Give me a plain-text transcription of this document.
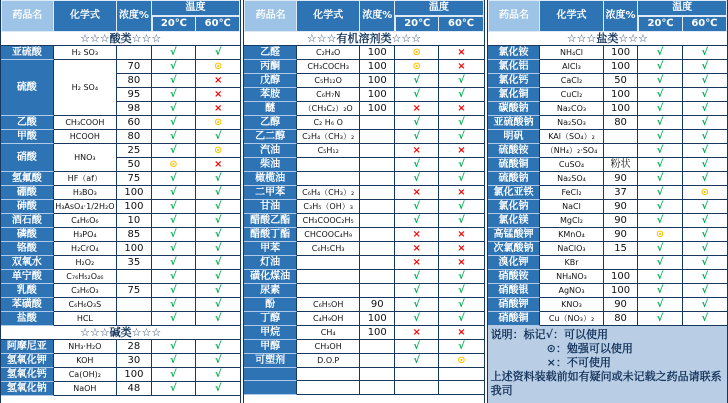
药品名	化学式	浓度%	温度	
			20℃	60℃
☆☆☆酸类☆☆☆				
亚硫酸	H₂ SO₃		√	√
硫酸	H₂ SO₄	70	√	⊙
		80	√	×
		95	√	×
		98	√	×
乙酸	CH₃COOH	60	√	⊙
甲酸	HCOOH	80	√	√
硝酸	HNO₃	25	√	⊙
		50	⊙	×
氢氟酸	HF（af）	75	√	√
硼酸	H₃BO₃	100	√	√
砷酸	H₃AsO₄·1/2H₂O	100	√	√
酒石酸	C₄H₆O₆	10	√	√
磷酸	H₃PO₄	85	√	√
铬酸	H₂CrO₄	100	√	√
双氧水	H₂O₂	35	√	√
单宁酸	C₇₆H₅₂O₄₆		√	√
乳酸	C₃H₆O₃	75	√	√
苯磺酸	C₆H₆O₃S		√	√
盐酸	HCL		√	√
☆☆☆碱类☆☆☆				
阿摩尼亚	NH₃·H₂O	28	√	√
氢氧化钾	KOH	30	√	√
氢氧化钙	Ca(OH)₂	100	√	√
氢氧化钠	NaOH	48	√	√
药品名	化学式	浓度%	温度	
			20℃	60℃
☆☆☆有机溶剂类☆☆☆				
乙醛	C₂H₄O	100	⊙	×
丙酮	CH₃COCH₃	100	⊙	×
戊醇	C₅H₁₂O	100	√	√
苯胺	C₆H₇N	100	√	√
醚	（CH₃C₂）₂O	100	×	×
乙醇	C₂ H₆ O		√	√
乙二醇	C₂H₄（CH₃）₂		√	√
汽油	C₅H₁₂		×	×
柴油			√	√
橄榄油			√	√
二甲苯	C₆H₄（CH₃）₂		×	×
甘油	C₃H₅（OH）₃		√	√
醋酸乙酯	CH₃COOC₂H₅		√	√
醋酸丁酯	CHCOOC₄H₉		×	×
甲苯	C₆H₅CH₃		×	×
灯油			×	×
磺化煤油			√	√
尿素			√	√
酚	C₆H₅OH	90	√	√
丁醇	C₄H₉OH	100	√	√
甲烷	CH₄	100	×	×
甲醇	CH₃OH		√	√
可塑剂	D.O.P		√	⊙

药品名	化学式	浓度%	温度	
			20℃	60℃
☆☆☆盐类☆☆☆				
氯化铵	NH₄Cl	100	√	√
氯化铝	AlCl₃	100	√	√
氯化钙	CaCl₂	50	√	√
氯化铜	CuCl₂	100	√	√
碳酸钠	Na₂CO₃	100	√	√
亚硫酸钠	Na₂SO₃	80	√	√
明矾	KAl（SO₄）₂		√	√
硫酸铵	（NH₄）₂·SO₄		√	√
硫酸铜	CuSO₄	粉状	√	√
硫酸钠	Na₂SO₄	90	√	√
氯化亚铁	FeCl₂	37	√	⊙
氯化钠	NaCl	90	√	√
氯化镁	MgCl₂	90	√	√
高锰酸钾	KMnO₄	90	⊙	√
次氯酸钠	NaClO₃	15	√	√
溴化钾	KBr		√	√
硝酸铵	NH₄NO₃	100	√	√
硝酸银	AgNO₃	100	√	√
硝酸钾	KNO₃	90	√	√
硝酸铜	Cu（NO₃）₂	80	√	√
说明：标记√：可以使用
⊙：勉强可以使用
×：不可使用
上述资料装载前如有疑问或未记载之药品请联系我司
